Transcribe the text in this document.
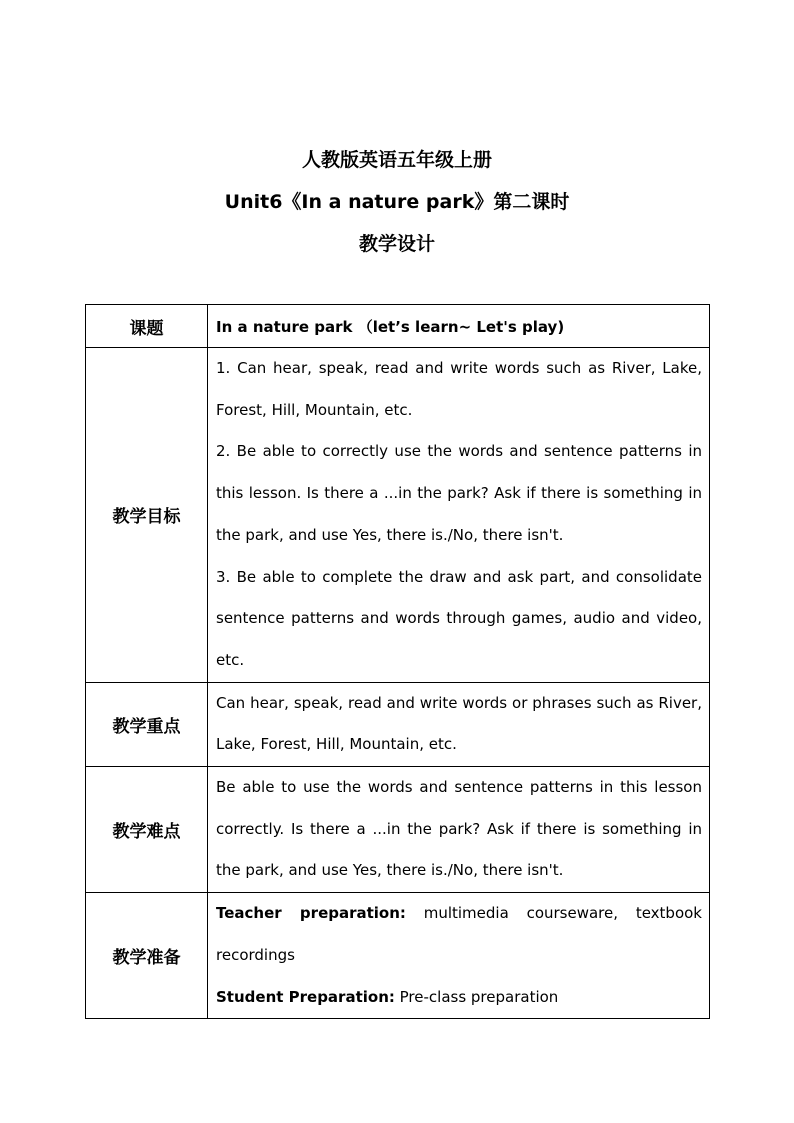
人教版英语五年级上册
Unit6《In a nature park》第二课时
教学设计
课题	In a nature park （let’s learn~ Let's play)
教学目标	1. Can hear, speak, read and write words such as River, Lake, Forest, Hill, Mountain, etc.

2. Be able to correctly use the words and sentence patterns in this lesson. Is there a ...in the park? Ask if there is something in the park, and use Yes, there is./No, there isn't.

3. Be able to complete the draw and ask part, and consolidate sentence patterns and words through games, audio and video, etc.

教学重点	Can hear, speak, read and write words or phrases such as River, Lake, Forest, Hill, Mountain, etc.

教学难点	Be able to use the words and sentence patterns in this lesson correctly. Is there a ...in the park? Ask if there is something in the park, and use Yes, there is./No, there isn't.

教学准备	Teacher preparation: multimedia courseware, textbook recordings

Student Preparation: Pre-class preparation
